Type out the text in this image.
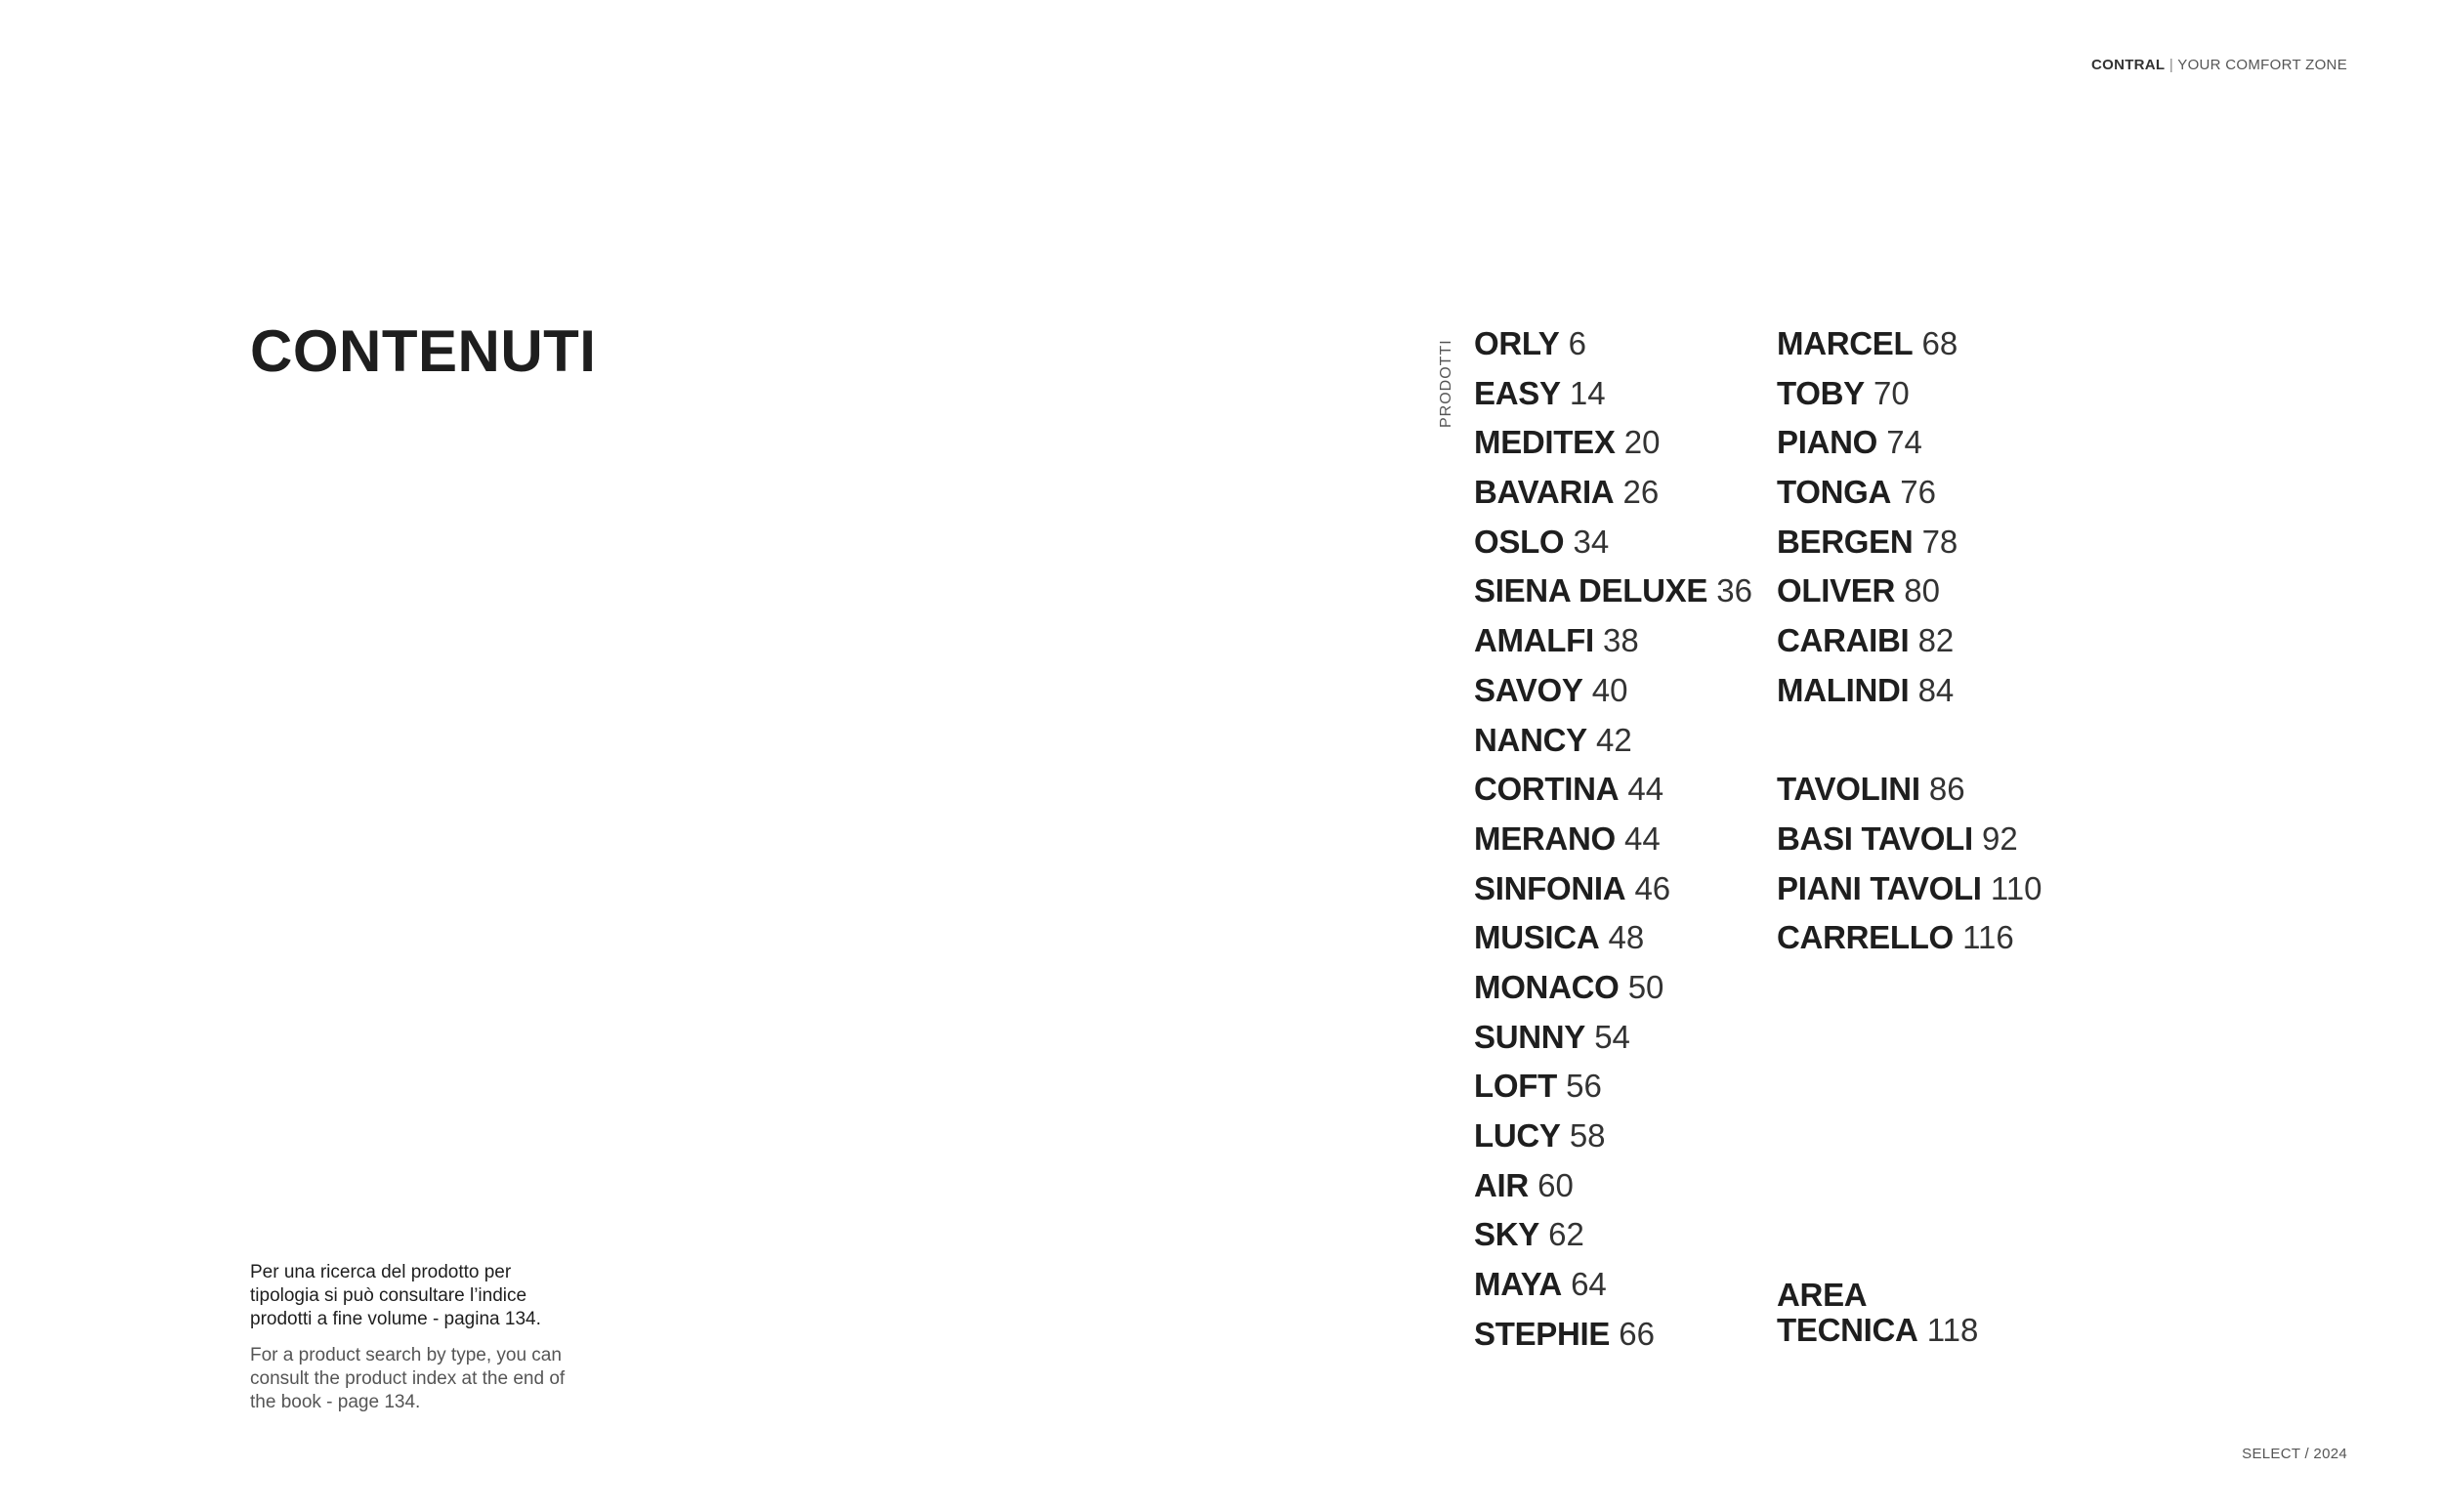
CONTRAL | YOUR COMFORT ZONE
CONTENUTI	PRODOTTI ORLY 6
EASY 14
MEDITEX 20
BAVARIA 26
OSLO 34
SIENA DELUXE 36
AMALFI 38
SAVOY 40
NANCY 42
CORTINA 44
MERANO 44
SINFONIA 46
MUSICA 48
MONACO 50
SUNNY 54
LOFT 56
LUCY 58
AIR 60
SKY 62
MAYA 64
STEPHIE 66
MARCEL 68
TOBY 70
PIANO 74
TONGA 76
BERGEN 78
OLIVER 80
CARAIBI 82
MALINDI 84
TAVOLINI 86
BASI TAVOLI 92
PIANI TAVOLI 110
CARRELLO 116
AREA
TECNICA 118

Per una ricerca del prodotto per tipologia si può consultare l’indice prodotti a fine volume - pagina 134.

For a product search by type, you can consult the product index at the end of the book - page 134.

SELECT / 2024
